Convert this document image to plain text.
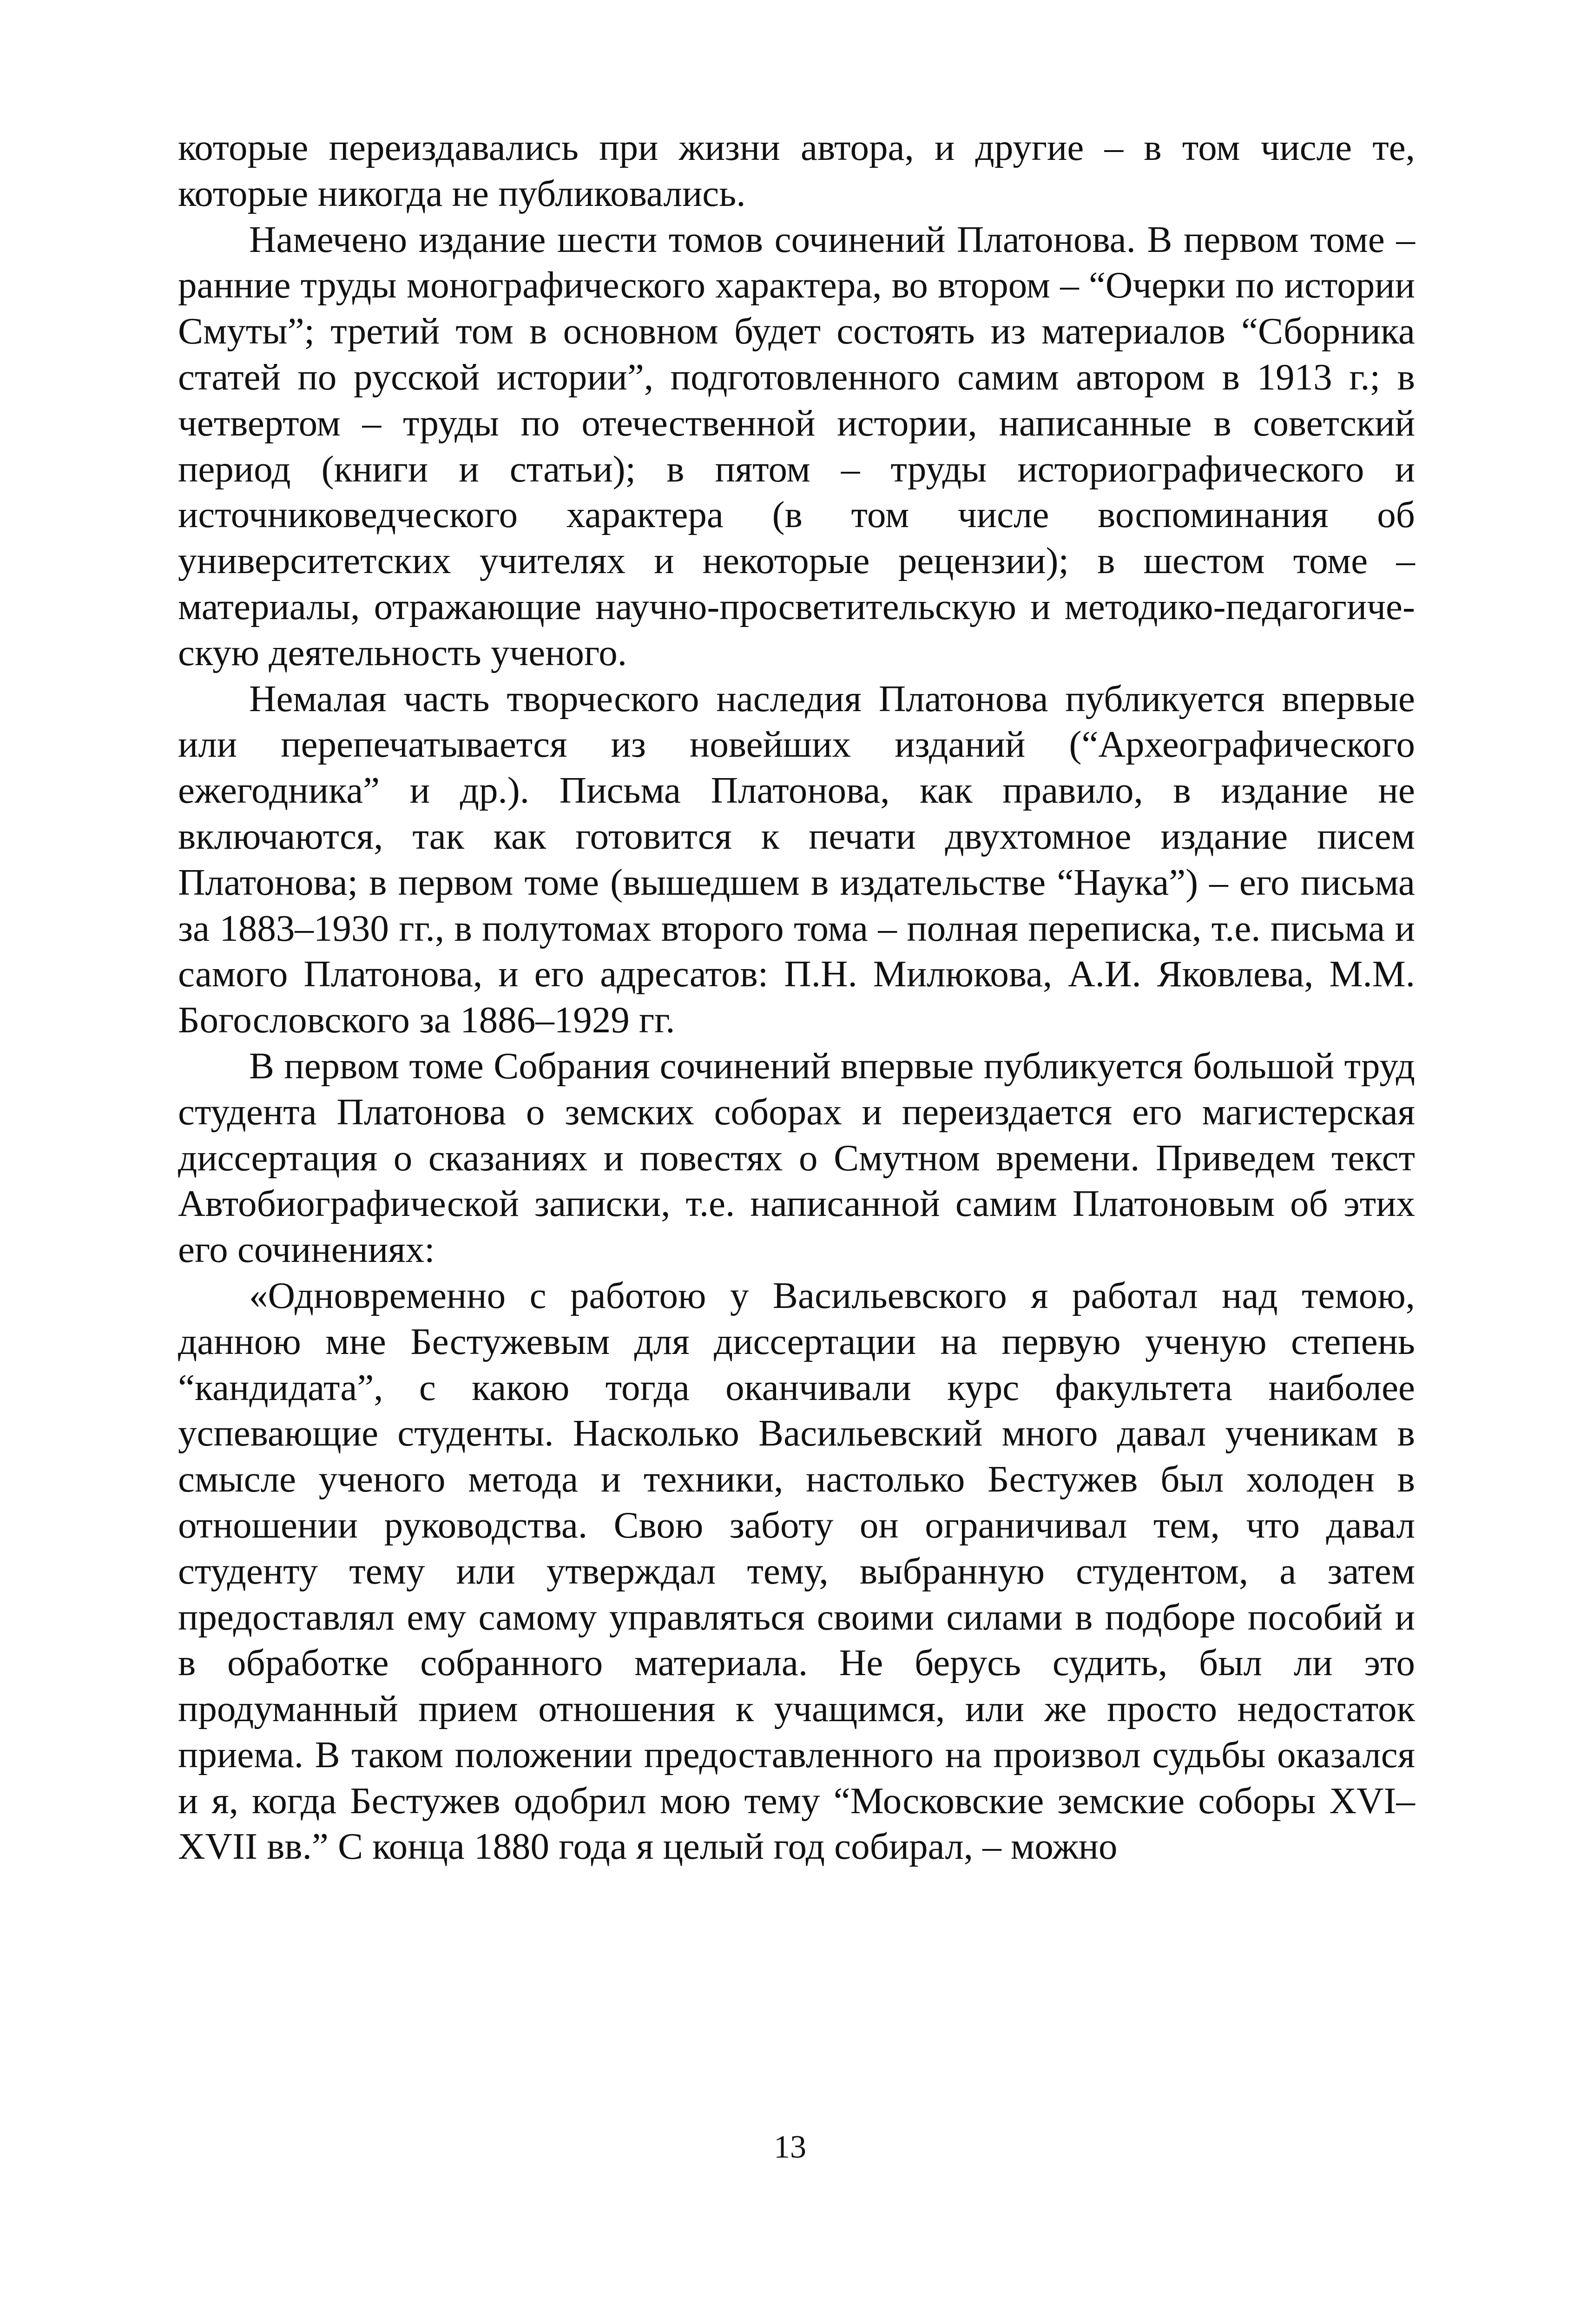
которые переиздавались при жизни автора, и другие – в том числе те, которые никогда не публиковались.

Намечено издание шести томов сочинений Платонова. В первом томе – ранние труды монографического характера, во втором – “Очерки по истории Смуты”; третий том в основном будет состоять из материалов “Сборника статей по русской истории”, подготовленного самим автором в 1913 г.; в четвертом – труды по отечественной истории, написанные в советский период (книги и статьи); в пятом – труды историографического и источниковедческого характера (в том числе воспоминания об университетских учителях и некоторые рецензии); в шестом томе – материалы, отражающие научно-просветительскую и методико-педагогическую деятельность ученого.

Немалая часть творческого наследия Платонова публикуется впервые или перепечатывается из новейших изданий (“Археографического ежегодника” и др.). Письма Платонова, как правило, в издание не включаются, так как готовится к печати двухтомное издание писем Платонова; в первом томе (вышедшем в издательстве “Наука”) – его письма за 1883–1930 гг., в полутомах второго тома – полная переписка, т.е. письма и самого Платонова, и его адресатов: П.Н. Милюкова, А.И. Яковлева, М.М. Богословского за 1886–1929 гг.

В первом томе Собрания сочинений впервые публикуется большой труд студента Платонова о земских соборах и переиздается его магистерская диссертация о сказаниях и повестях о Смутном времени. Приведем текст Автобиографической записки, т.е. написанной самим Платоновым об этих его сочинениях:

«Одновременно с работою у Васильевского я работал над темою, данною мне Бестужевым для диссертации на первую ученую степень “кандидата”, с какою тогда оканчивали курс факультета наиболее успевающие студенты. Насколько Васильевский много давал ученикам в смысле ученого метода и техники, настолько Бестужев был холоден в отношении руководства. Свою заботу он ограничивал тем, что давал студенту тему или утверждал тему, выбранную студентом, а затем предоставлял ему самому управляться своими силами в подборе пособий и в обработке собранного материала. Не берусь судить, был ли это продуманный прием отношения к учащимся, или же просто недостаток приема. В таком положении предоставленного на произвол судьбы оказался и я, когда Бестужев одобрил мою тему “Московские земские соборы XVI–XVII вв.” С конца 1880 года я целый год собирал, – можно

13
